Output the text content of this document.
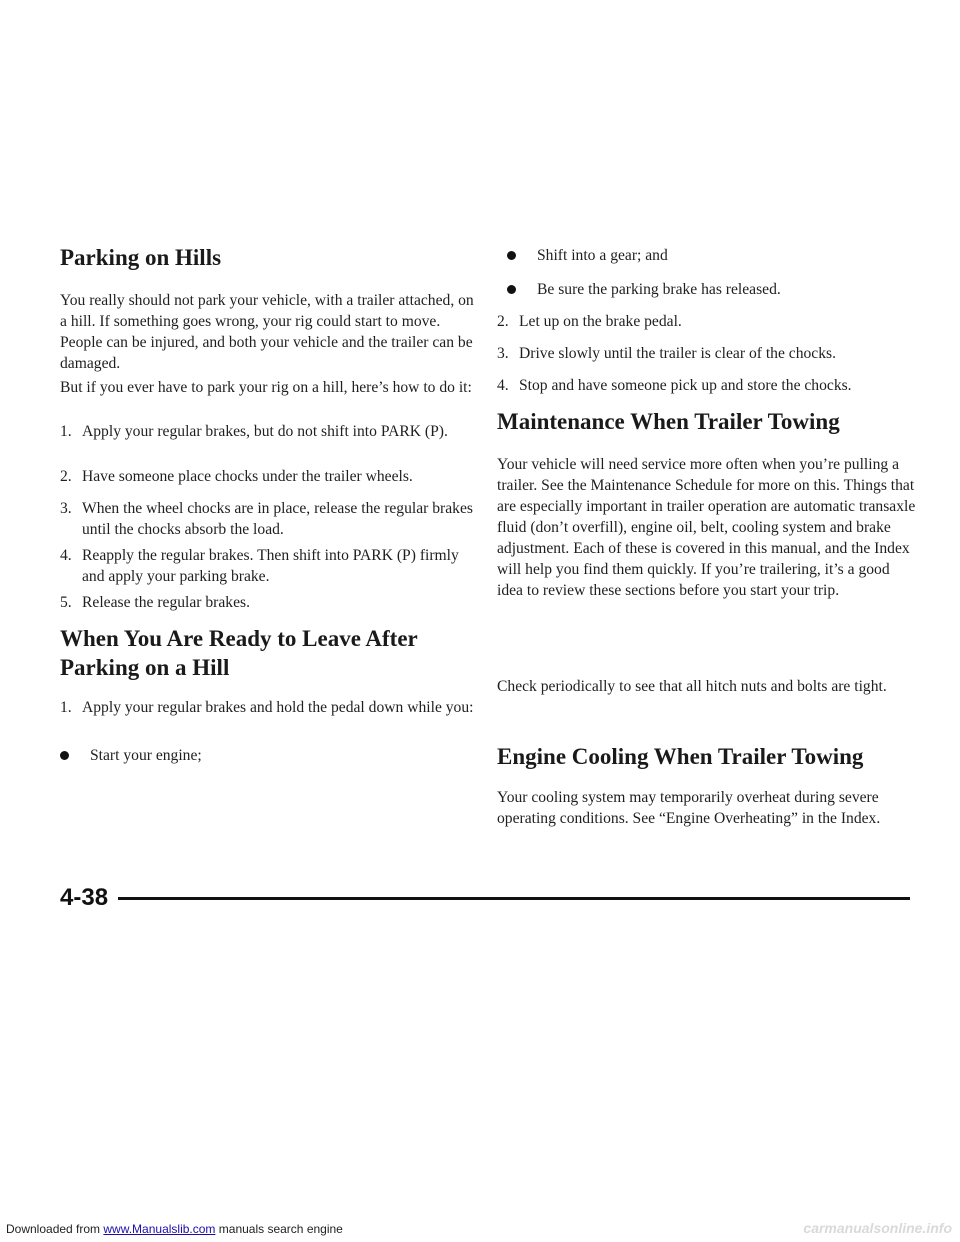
Parking on Hills

You really should not park your vehicle, with a trailer attached, on a hill. If something goes wrong, your rig could start to move. People can be injured, and both your vehicle and the trailer can be damaged.

But if you ever have to park your rig on a hill, here’s how to do it:

1. Apply your regular brakes, but do not shift into PARK (P).
2. Have someone place chocks under the trailer wheels.
3. When the wheel chocks are in place, release the regular brakes until the chocks absorb the load.
4. Reapply the regular brakes. Then shift into PARK (P) firmly and apply your parking brake.
5. Release the regular brakes.
When You Are Ready to Leave After
Parking on a Hill
1. Apply your regular brakes and hold the pedal down while you:
Start your engine;
Shift into a gear; and
Be sure the parking brake has released.
2. Let up on the brake pedal.
3. Drive slowly until the trailer is clear of the chocks.
4. Stop and have someone pick up and store the chocks.
Maintenance When Trailer Towing

Your vehicle will need service more often when you’re pulling a trailer. See the Maintenance Schedule for more on this. Things that are especially important in trailer operation are automatic transaxle fluid (don’t overfill), engine oil, belt, cooling system and brake adjustment. Each of these is covered in this manual, and the Index will help you find them quickly. If you’re trailering, it’s a good idea to review these sections before you start your trip.

Check periodically to see that all hitch nuts and bolts are tight.

Engine Cooling When Trailer Towing

Your cooling system may temporarily overheat during severe operating conditions. See “Engine Overheating” in the Index.

4-38
Downloaded from www.Manualslib.com manuals search engine	carmanualsonline.info
